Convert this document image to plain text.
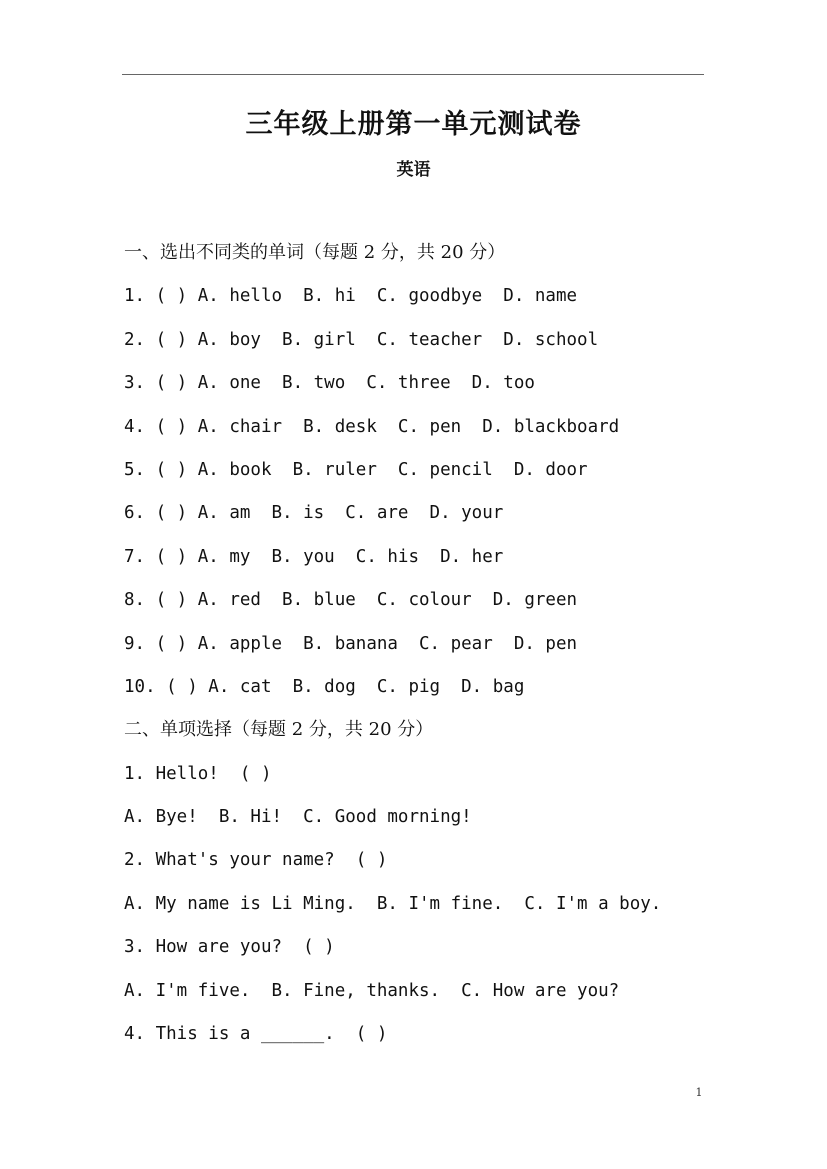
三年级上册第一单元测试卷
英语
一、选出不同类的单词（每题 2 分，共 20 分）
1. ( ) A. hello  B. hi  C. goodbye  D. name
2. ( ) A. boy  B. girl  C. teacher  D. school
3. ( ) A. one  B. two  C. three  D. too
4. ( ) A. chair  B. desk  C. pen  D. blackboard
5. ( ) A. book  B. ruler  C. pencil  D. door
6. ( ) A. am  B. is  C. are  D. your
7. ( ) A. my  B. you  C. his  D. her
8. ( ) A. red  B. blue  C. colour  D. green
9. ( ) A. apple  B. banana  C. pear  D. pen
10. ( ) A. cat  B. dog  C. pig  D. bag
二、单项选择（每题 2 分，共 20 分）
1. Hello!  ( )
A. Bye!  B. Hi!  C. Good morning!
2. What's your name?  ( )
A. My name is Li Ming.  B. I'm fine.  C. I'm a boy.
3. How are you?  ( )
A. I'm five.  B. Fine, thanks.  C. How are you?
4. This is a ______.  ( )
1
